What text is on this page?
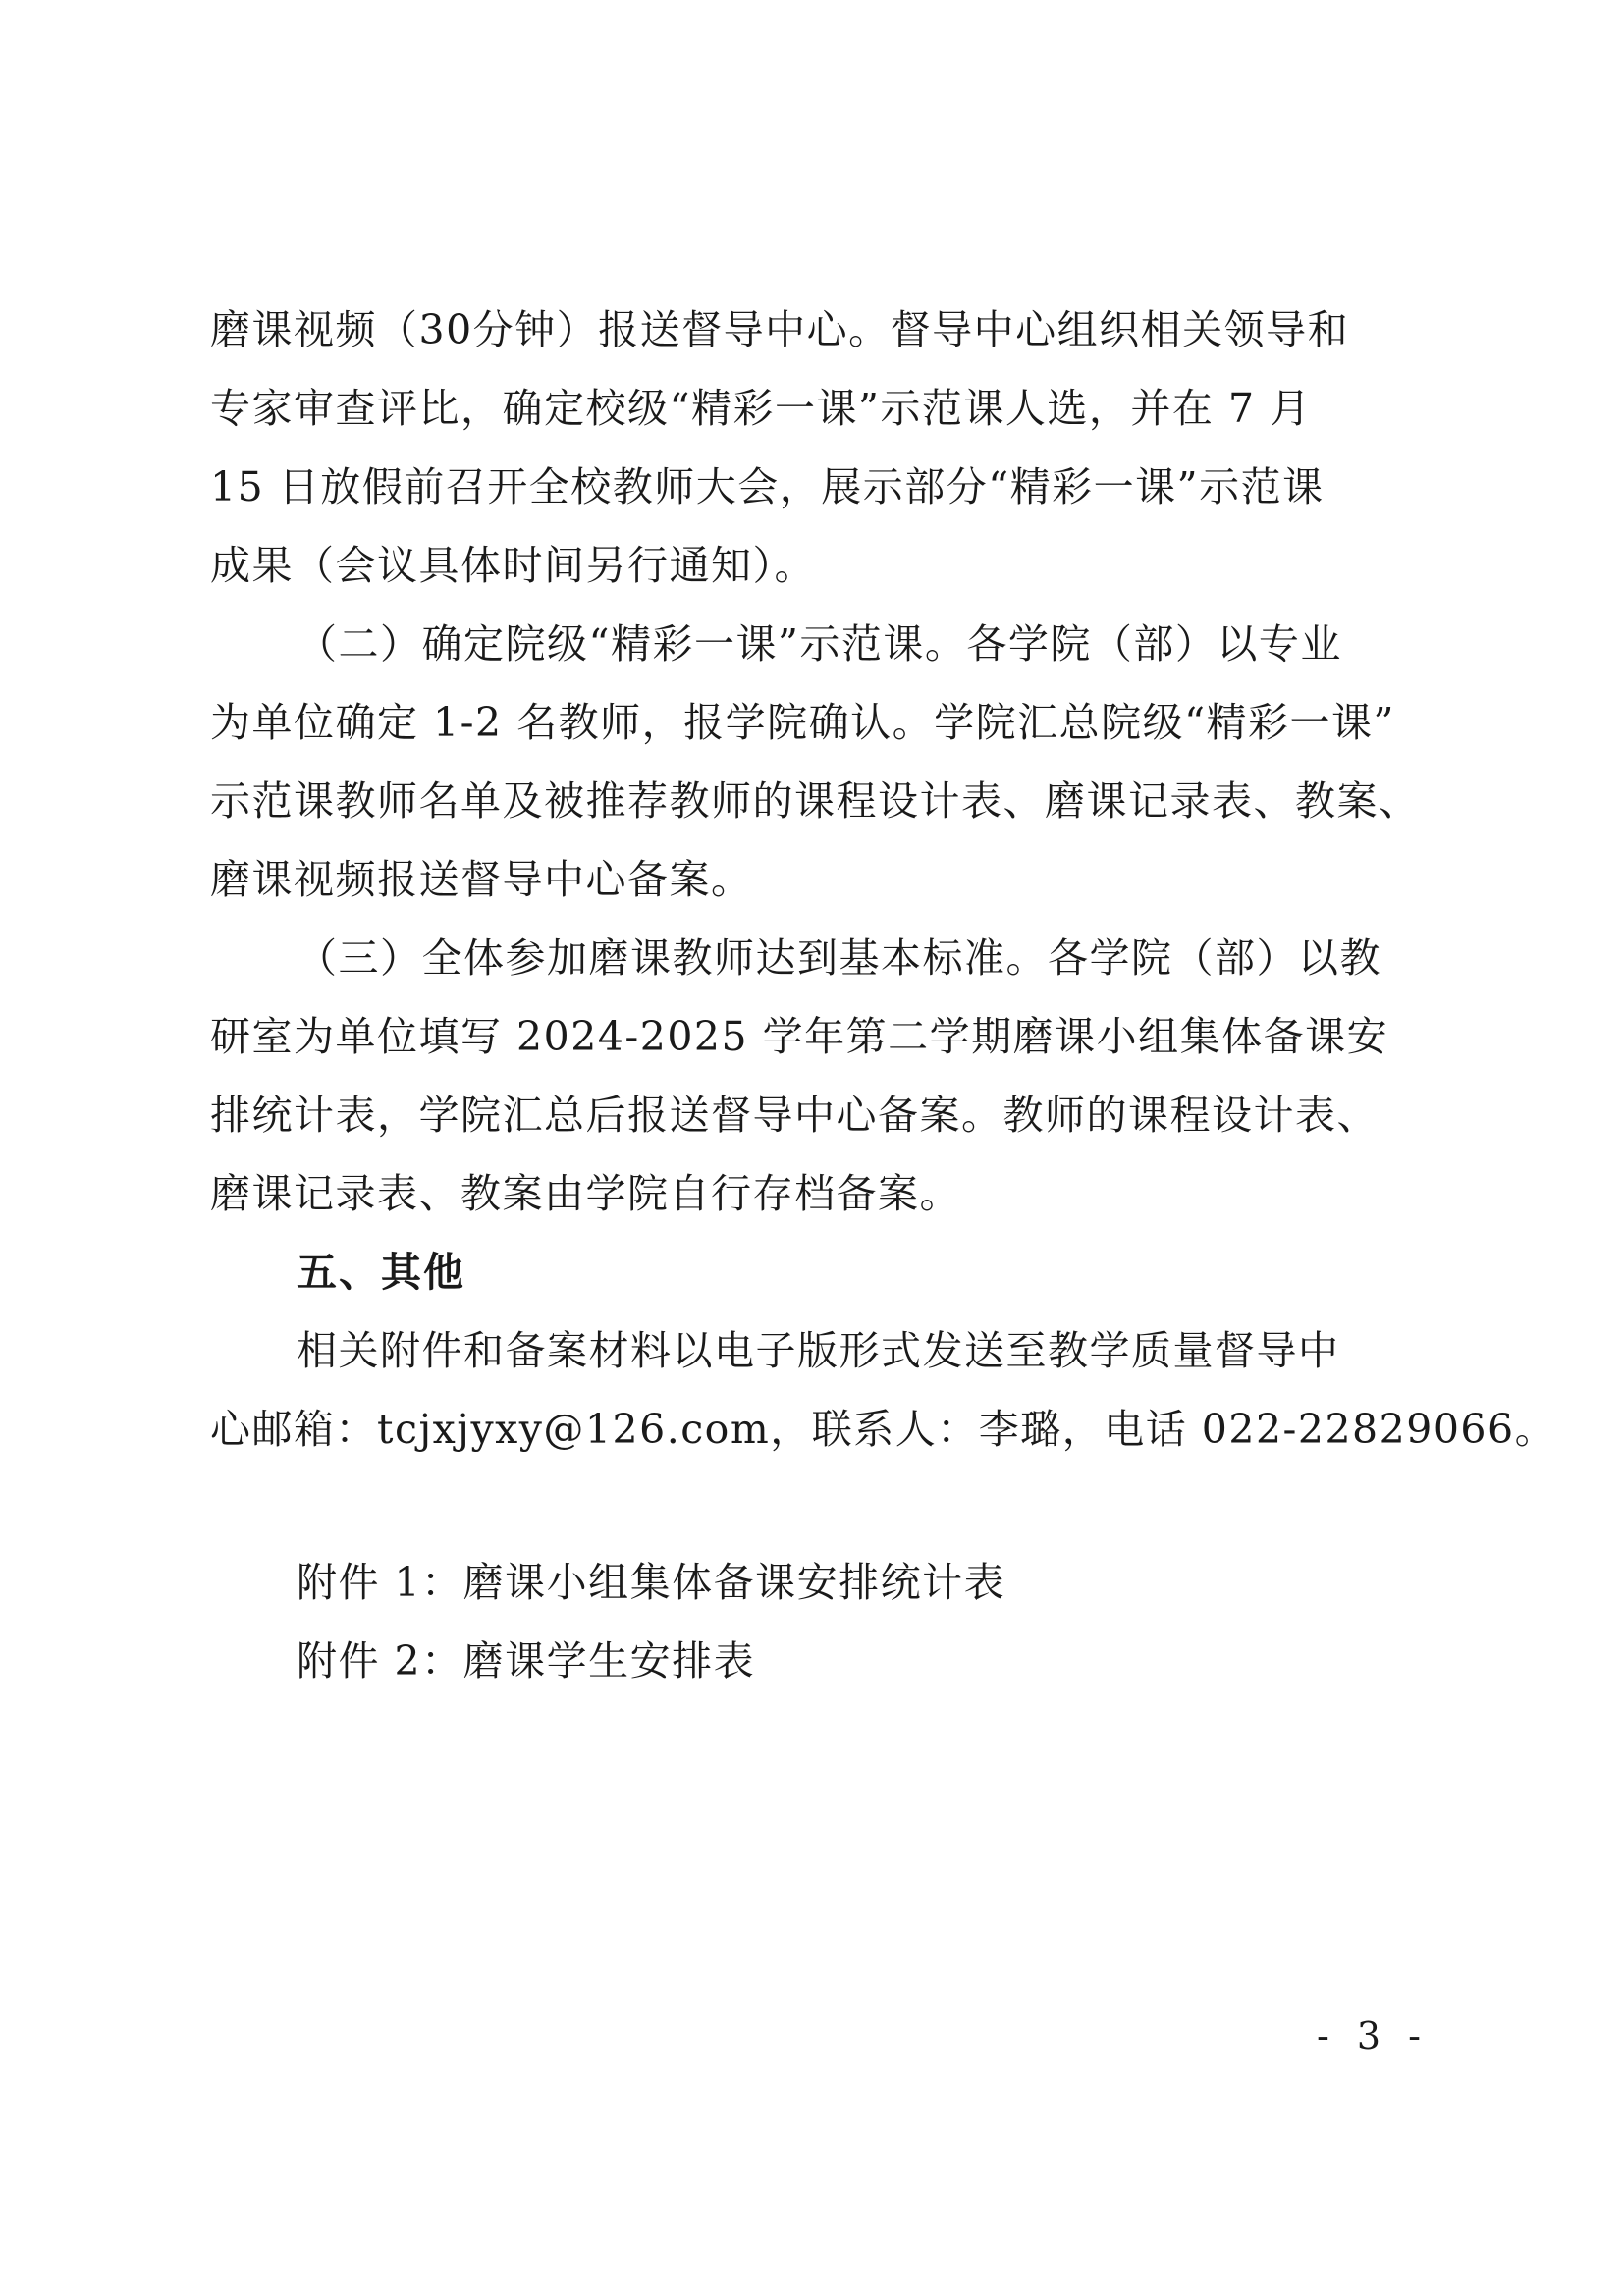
磨课视频（30分钟）报送督导中心。督导中心组织相关领导和
专家审查评比，确定校级“精彩一课”示范课人选，并在 7 月
15 日放假前召开全校教师大会，展示部分“精彩一课”示范课
成果（会议具体时间另行通知）。
（二）确定院级“精彩一课”示范课。各学院（部）以专业
为单位确定 1-2 名教师，报学院确认。学院汇总院级“精彩一课”
示范课教师名单及被推荐教师的课程设计表、磨课记录表、教案、
磨课视频报送督导中心备案。
（三）全体参加磨课教师达到基本标准。各学院（部）以教
研室为单位填写 2024-2025 学年第二学期磨课小组集体备课安
排统计表，学院汇总后报送督导中心备案。教师的课程设计表、
磨课记录表、教案由学院自行存档备案。
五、其他
相关附件和备案材料以电子版形式发送至教学质量督导中
心邮箱：tcjxjyxy@126.com，联系人：李璐，电话 022-22829066。
附件 1：磨课小组集体备课安排统计表
附件 2：磨课学生安排表
- 3 -
